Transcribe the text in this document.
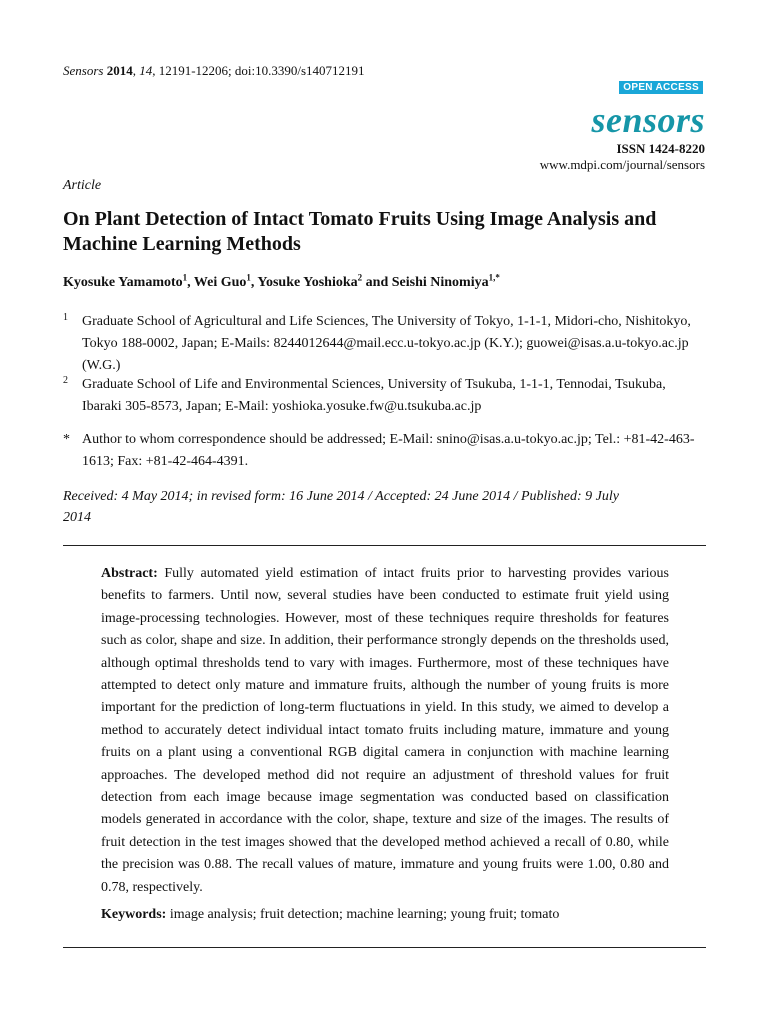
Sensors 2014, 14, 12191-12206; doi:10.3390/s140712191
OPEN ACCESS
sensors
ISSN 1424-8220
www.mdpi.com/journal/sensors
Article
On Plant Detection of Intact Tomato Fruits Using Image Analysis and Machine Learning Methods
Kyosuke Yamamoto$^1$, Wei Guo$^1$, Yosuke Yoshioka$^2$ and Seishi Ninomiya$^{1,*}$
1 Graduate School of Agricultural and Life Sciences, The University of Tokyo, 1-1-1, Midori-cho, Nishitokyo, Tokyo 188-0002, Japan; E-Mails: 8244012644@mail.ecc.u-tokyo.ac.jp (K.Y.); guowei@isas.a.u-tokyo.ac.jp (W.G.)
2 Graduate School of Life and Environmental Sciences, University of Tsukuba, 1-1-1, Tennodai, Tsukuba, Ibaraki 305-8573, Japan; E-Mail: yoshioka.yosuke.fw@u.tsukuba.ac.jp
* Author to whom correspondence should be addressed; E-Mail: snino@isas.a.u-tokyo.ac.jp; Tel.: +81-42-463-1613; Fax: +81-42-464-4391.
Received: 4 May 2014; in revised form: 16 June 2014 / Accepted: 24 June 2014 / Published: 9 July 2014
Abstract: Fully automated yield estimation of intact fruits prior to harvesting provides various benefits to farmers. Until now, several studies have been conducted to estimate fruit yield using image-processing technologies. However, most of these techniques require thresholds for features such as color, shape and size. In addition, their performance strongly depends on the thresholds used, although optimal thresholds tend to vary with images. Furthermore, most of these techniques have attempted to detect only mature and immature fruits, although the number of young fruits is more important for the prediction of long-term fluctuations in yield. In this study, we aimed to develop a method to accurately detect individual intact tomato fruits including mature, immature and young fruits on a plant using a conventional RGB digital camera in conjunction with machine learning approaches. The developed method did not require an adjustment of threshold values for fruit detection from each image because image segmentation was conducted based on classification models generated in accordance with the color, shape, texture and size of the images. The results of fruit detection in the test images showed that the developed method achieved a recall of 0.80, while the precision was 0.88. The recall values of mature, immature and young fruits were 1.00, 0.80 and 0.78, respectively.
Keywords: image analysis; fruit detection; machine learning; young fruit; tomato
